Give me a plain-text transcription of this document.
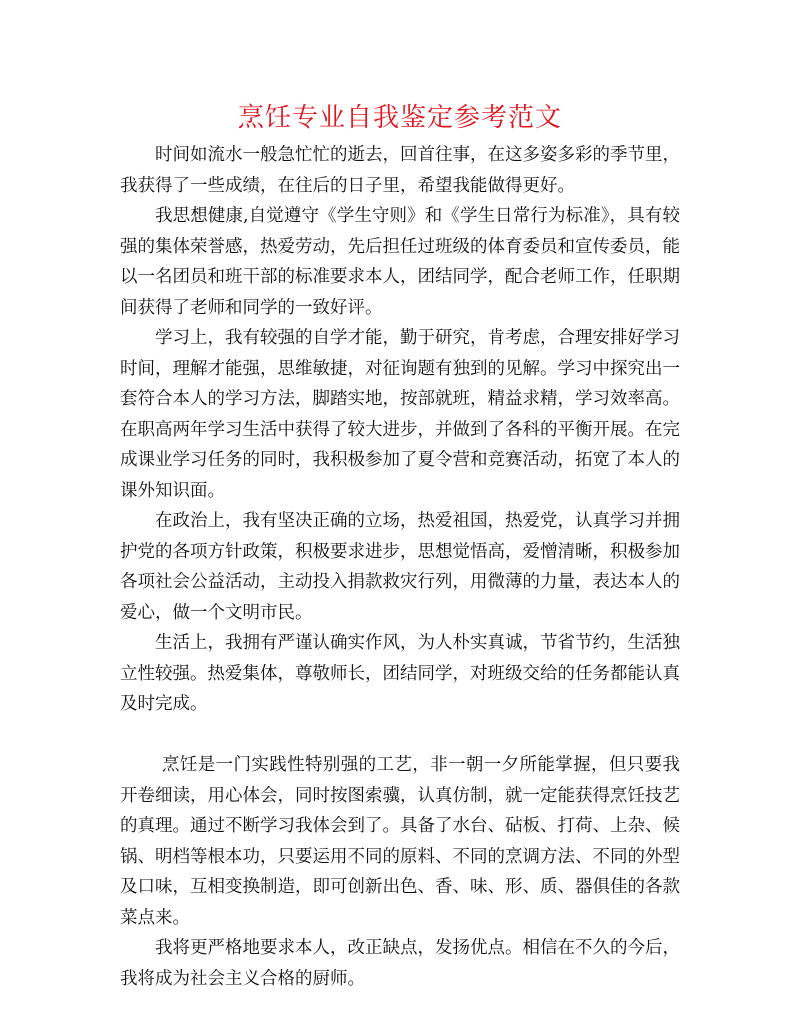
烹饪专业自我鉴定参考范文

时间如流水一般急忙忙的逝去，回首往事，在这多姿多彩的季节里，我获得了一些成绩，在往后的日子里，希望我能做得更好。

我思想健康,自觉遵守《学生守则》和《学生日常行为标准》，具有较强的集体荣誉感，热爱劳动，先后担任过班级的体育委员和宣传委员，能以一名团员和班干部的标准要求本人，团结同学，配合老师工作，任职期间获得了老师和同学的一致好评。

学习上，我有较强的自学才能，勤于研究，肯考虑，合理安排好学习时间，理解才能强，思维敏捷，对征询题有独到的见解。学习中探究出一套符合本人的学习方法，脚踏实地，按部就班，精益求精，学习效率高。在职高两年学习生活中获得了较大进步，并做到了各科的平衡开展。在完成课业学习任务的同时，我积极参加了夏令营和竞赛活动，拓宽了本人的课外知识面。

在政治上，我有坚决正确的立场，热爱祖国，热爱党，认真学习并拥护党的各项方针政策，积极要求进步，思想觉悟高，爱憎清晰，积极参加各项社会公益活动，主动投入捐款救灾行列，用微薄的力量，表达本人的爱心，做一个文明市民。

生活上，我拥有严谨认确实作风，为人朴实真诚，节省节约，生活独立性较强。热爱集体，尊敬师长，团结同学，对班级交给的任务都能认真及时完成。

烹饪是一门实践性特别强的工艺，非一朝一夕所能掌握，但只要我开卷细读，用心体会，同时按图索骥，认真仿制，就一定能获得烹饪技艺的真理。通过不断学习我体会到了。具备了水台、砧板、打荷、上杂、候锅、明档等根本功，只要运用不同的原料、不同的烹调方法、不同的外型及口味，互相变换制造，即可创新出色、香、味、形、质、器俱佳的各款菜点来。

我将更严格地要求本人，改正缺点，发扬优点。相信在不久的今后，我将成为社会主义合格的厨师。
